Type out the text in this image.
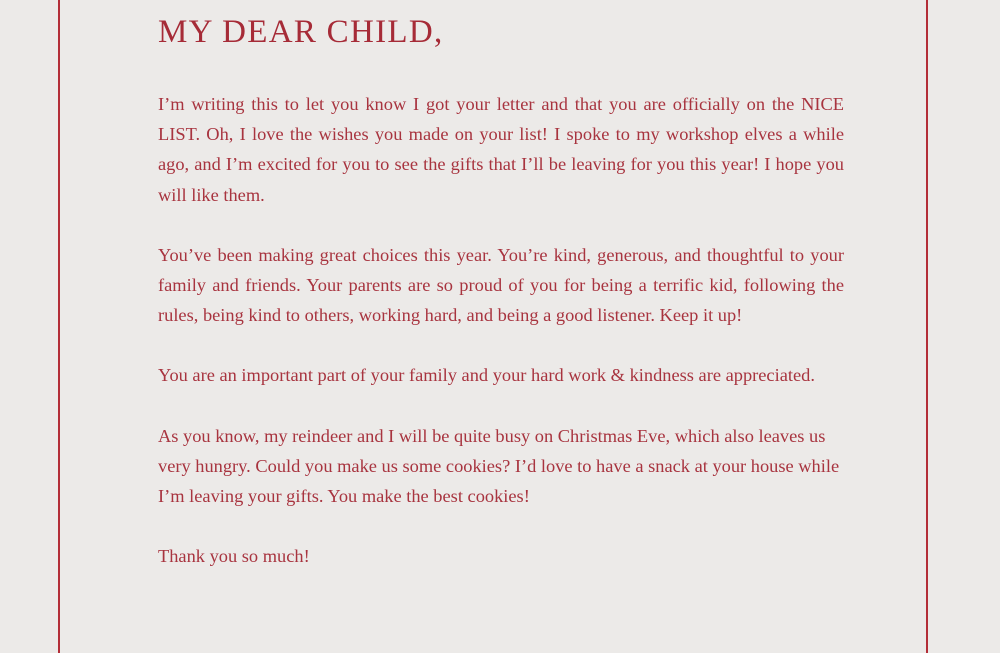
MY DEAR CHILD,

I’m writing this to let you know I got your letter and that you are officially on the NICE LIST. Oh, I love the wishes you made on your list! I spoke to my workshop elves a while ago, and I’m excited for you to see the gifts that I’ll be leaving for you this year! I hope you will like them.

You’ve been making great choices this year. You’re kind, generous, and thoughtful to your family and friends. Your parents are so proud of you for being a terrific kid, following the rules, being kind to others, working hard, and being a good listener. Keep it up!

You are an important part of your family and your hard work & kindness are appreciated.

As you know, my reindeer and I will be quite busy on Christmas Eve, which also leaves us very hungry. Could you make us some cookies? I’d love to have a snack at your house while I’m leaving your gifts. You make the best cookies!

Thank you so much!
